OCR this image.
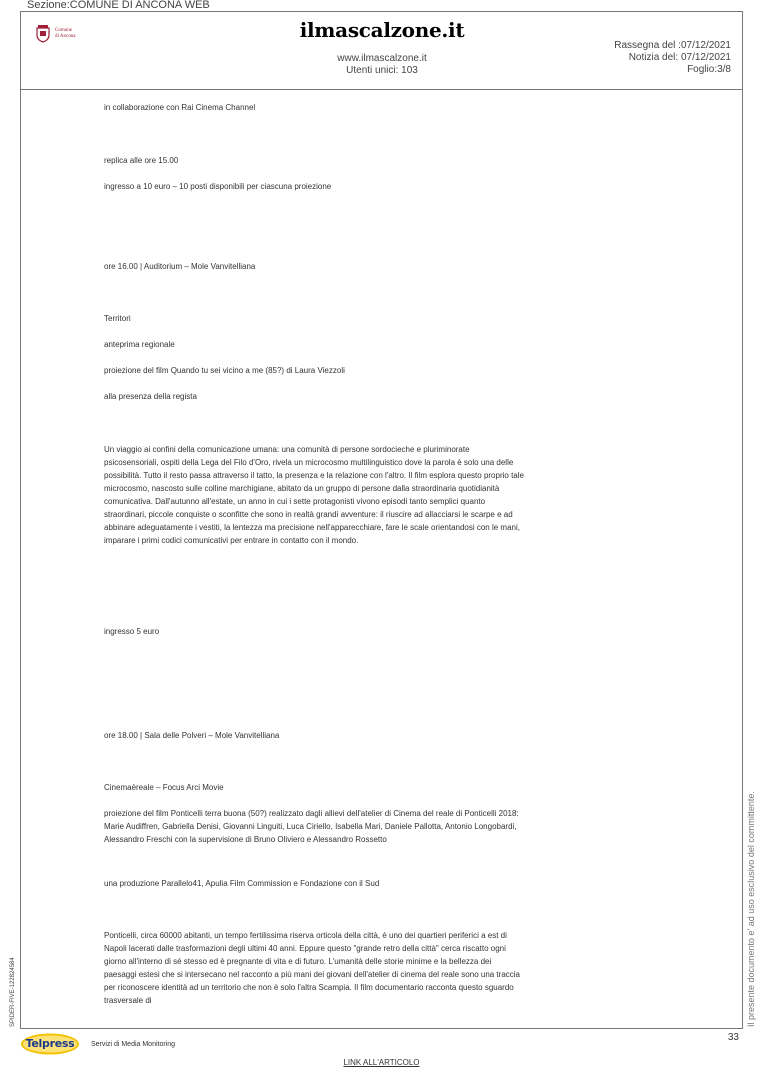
Sezione:COMUNE DI ANCONA WEB
Comune
di Ancona	ilmascalzone.it
www.ilmascalzone.it
Utenti unici: 103
Rassegna del :07/12/2021
Notizia del: 07/12/2021
Foglio:3/8
in collaborazione con Rai Cinema Channel
replica alle ore 15.00
ingresso a 10 euro – 10 posti disponibili per ciascuna proiezione
ore 16.00 | Auditorium – Mole Vanvitelliana
Territori
anteprima regionale
proiezione del film Quando tu sei vicino a me (85?) di Laura Viezzoli
alla presenza della regista
Un viaggio ai confini della comunicazione umana: una comunità di persone sordocieche e pluriminorate psicosensoriali, ospiti della Lega del Filo d'Oro, rivela un microcosmo multilinguistico dove la parola è solo una delle possibilità. Tutto il resto passa attraverso il tatto, la presenza e la relazione con l'altro. Il film esplora questo proprio tale microcosmo, nascosto sulle colline marchigiane, abitato da un gruppo di persone dalla straordinaria quotidianità comunicativa. Dall'autunno all'estate, un anno in cui i sette protagonisti vivono episodi tanto semplici quanto straordinari, piccole conquiste o sconfitte che sono in realtà grandi avventure: il riuscire ad allacciarsi le scarpe e ad abbinare adeguatamente i vestiti, la lentezza ma precisione nell'apparecchiare, fare le scale orientandosi con le mani, imparare i primi codici comunicativi per entrare in contatto con il mondo.
ingresso 5 euro
ore 18.00 | Sala delle Polveri – Mole Vanvitelliana
Cinemaèreale – Focus Arci Movie
proiezione del film Ponticelli terra buona (50?) realizzato dagli allievi dell'atelier di Cinema del reale di Ponticelli 2018: Marie Audiffren, Gabriella Denisi, Giovanni Linguiti, Luca Ciriello, Isabella Mari, Daniele Pallotta, Antonio Longobardi, Alessandro Freschi con la supervisione di Bruno Oliviero e Alessandro Rossetto
una produzione Parallelo41, Apulia Film Commission e Fondazione con il Sud
Ponticelli, circa 60000 abitanti, un tempo fertilissima riserva orticola della città, è uno dei quartieri periferici a est di Napoli lacerati dalle trasformazioni degli ultimi 40 anni. Eppure questo "grande retro della città" cerca riscatto ogni giorno all'interno di sé stesso ed è pregnante di vita e di futuro. L'umanità delle storie minime e la bellezza dei paesaggi estesi che si intersecano nel racconto a più mani dei giovani dell'atelier di cinema del reale sono una traccia per riconoscere identità ad un territorio che non è solo l'altra Scampia. Il film documentario racconta questo sguardo trasversale di	Il presente documento e' ad uso esclusivo del committente.
SPIDER-FIVE-122824584
33
Telpress	Servizi di Media Monitoring
LINK ALL'ARTICOLO
